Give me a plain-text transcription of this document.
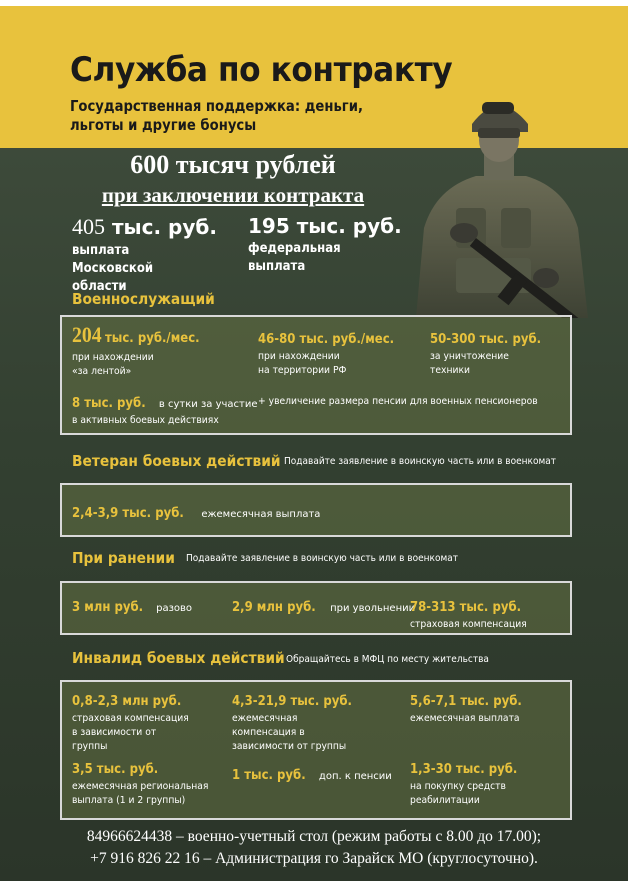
Служба по контракту
Государственная поддержка: деньги, льготы и другие бонусы
600 тысяч рублей
при заключении контракта
405 тыс. руб.
выплата Московской области
195 тыс. руб.
федеральная выплата
Военнослужащий
204тыс. руб./мес.
при нахождении «за лентой»
46-80 тыс. руб./мес.
при нахождении на территории РФ
50-300 тыс. руб.
за уничтожение техники
8 тыс. руб. в сутки за участие
в активных боевых действиях
+ увеличение размера пенсии для военных пенсионеров
Ветеран боевых действий Подавайте заявление в воинскую часть или в военкомат
2,4-3,9 тыс. руб. ежемесячная выплата
При ранении Подавайте заявление в воинскую часть или в военкомат
3 млн руб. разово	2,9 млн руб. при увольнении
78-313 тыс. руб.
страховая компенсация
Инвалид боевых действий Обращайтесь в МФЦ по месту жительства
0,8-2,3 млн руб.
страховая компенсация в зависимости от группы
4,3-21,9 тыс. руб.
ежемесячная компенсация в зависимости от группы
5,6-7,1 тыс. руб.
ежемесячная выплата
3,5 тыс. руб.
ежемесячная региональная выплата (1 и 2 группы)
1 тыс. руб. доп. к пенсии 1,3-30 тыс. руб.
на покупку средств реабилитации
84966624438 – военно-учетный стол (режим работы с 8.00 до 17.00);
+7 916 826 22 16 – Администрация го Зарайск МО (круглосуточно).
